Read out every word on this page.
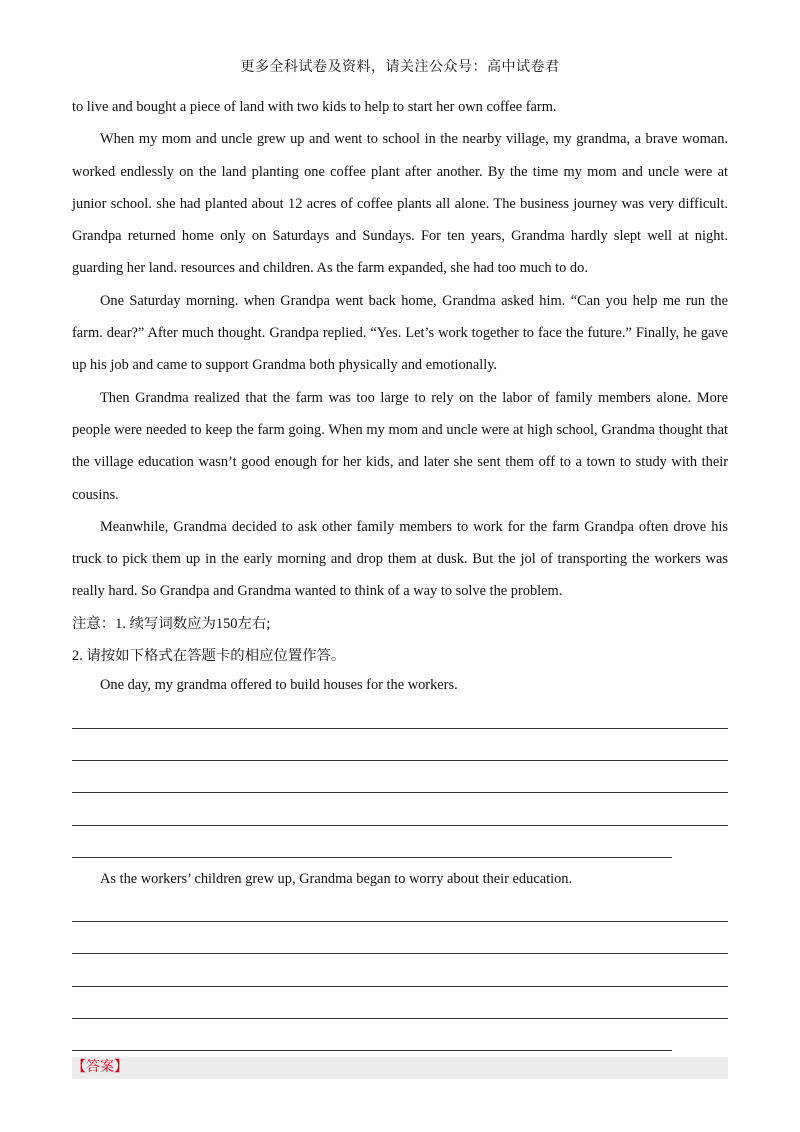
更多全科试卷及资料，请关注公众号：高中试卷君

to live and bought a piece of land with two kids to help to start her own coffee farm.

When my mom and uncle grew up and went to school in the nearby village, my grandma, a brave woman. worked endlessly on the land planting one coffee plant after another. By the time my mom and uncle were at junior school. she had planted about 12 acres of coffee plants all alone. The business journey was very difficult. Grandpa returned home only on Saturdays and Sundays. For ten years, Grandma hardly slept well at night. guarding her land. resources and children. As the farm expanded, she had too much to do.

One Saturday morning. when Grandpa went back home, Grandma asked him. “Can you help me run the farm. dear?” After much thought. Grandpa replied. “Yes. Let’s work together to face the future.” Finally, he gave up his job and came to support Grandma both physically and emotionally.

Then Grandma realized that the farm was too large to rely on the labor of family members alone. More people were needed to keep the farm going. When my mom and uncle were at high school, Grandma thought that the village education wasn’t good enough for her kids, and later she sent them off to a town to study with their cousins.

Meanwhile, Grandma decided to ask other family members to work for the farm Grandpa often drove his truck to pick them up in the early morning and drop them at dusk. But the jol of transporting the workers was really hard. So Grandpa and Grandma wanted to think of a way to solve the problem.

注意：1. 续写词数应为150左右;

2. 请按如下格式在答题卡的相应位置作答。

One day, my grandma offered to build houses for the workers.

As the workers’ children grew up, Grandma began to worry about their education.

【答案】
